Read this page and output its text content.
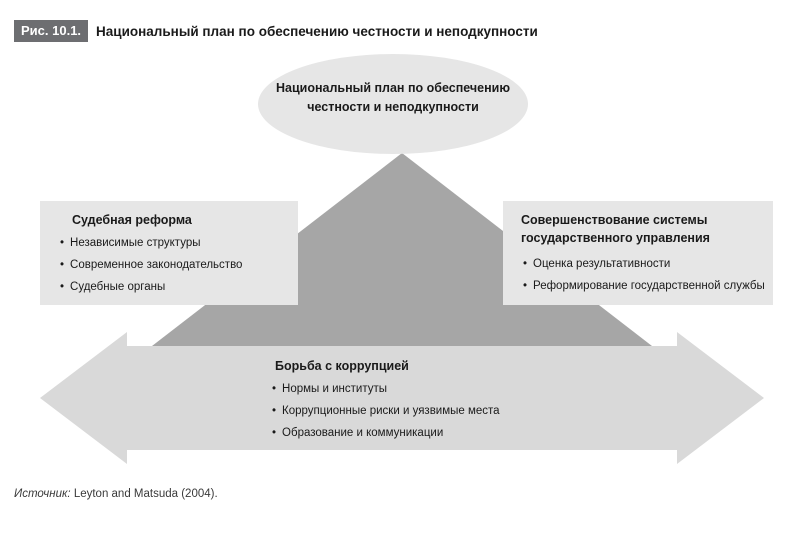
Рис. 10.1.	Национальный план по обеспечению честности и неподкупности
Национальный план по обеспечению
честности и неподкупности
Судебная реформа
• Независимые структуры
• Современное законодательство
• Судебные органы
Совершенствование системы
государственного управления
• Оценка результативности
• Реформирование государственной службы
Борьба с коррупцией
• Нормы и институты
• Коррупционные риски и уязвимые места
• Образование и коммуникации
Источник: Leyton and Matsuda (2004).
